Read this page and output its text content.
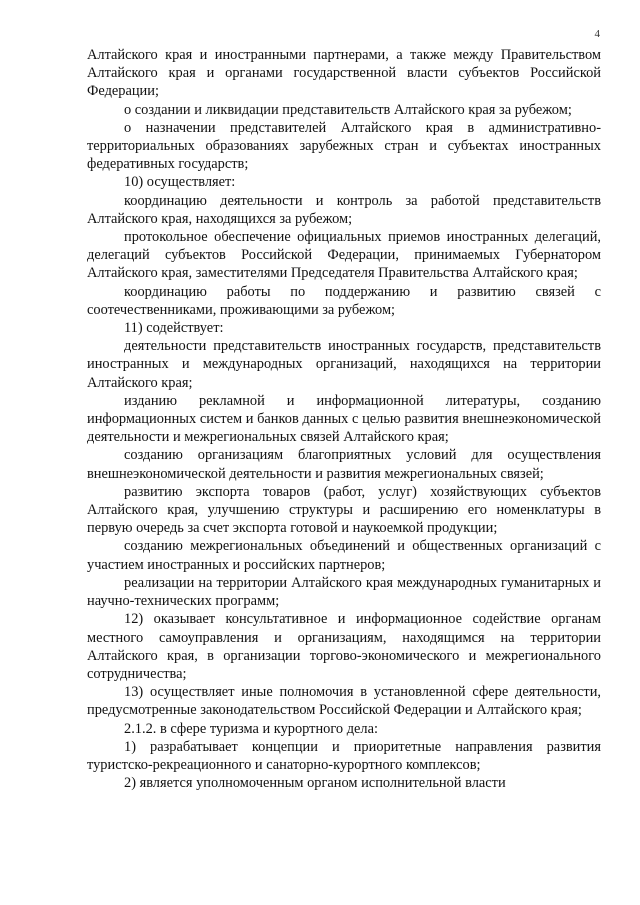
4

Алтайского края и иностранными партнерами, а также между Правительством Алтайского края и органами государственной власти субъектов Российской Федерации;

о создании и ликвидации представительств Алтайского края за рубежом;

о назначении представителей Алтайского края в административно-территориальных образованиях зарубежных стран и субъектах иностранных федеративных государств;

10) осуществляет:

координацию деятельности и контроль за работой представительств Алтайского края, находящихся за рубежом;

протокольное обеспечение официальных приемов иностранных делегаций, делегаций субъектов Российской Федерации, принимаемых Губернатором Алтайского края, заместителями Председателя Правительства Алтайского края;

координацию работы по поддержанию и развитию связей с соотечественниками, проживающими за рубежом;

11) содействует:

деятельности представительств иностранных государств, представительств иностранных и международных организаций, находящихся на территории Алтайского края;

изданию рекламной и информационной литературы, созданию информационных систем и банков данных с целью развития внешнеэкономической деятельности и межрегиональных связей Алтайского края;

созданию организациям благоприятных условий для осуществления внешнеэкономической деятельности и развития межрегиональных связей;

развитию экспорта товаров (работ, услуг) хозяйствующих субъектов Алтайского края, улучшению структуры и расширению его номенклатуры в первую очередь за счет экспорта готовой и наукоемкой продукции;

созданию межрегиональных объединений и общественных организаций с участием иностранных и российских партнеров;

реализации на территории Алтайского края международных гуманитарных и научно-технических программ;

12) оказывает консультативное и информационное содействие органам местного самоуправления и организациям, находящимся на территории Алтайского края, в организации торгово-экономического и межрегионального сотрудничества;

13) осуществляет иные полномочия в установленной сфере деятельности, предусмотренные законодательством Российской Федерации и Алтайского края;

2.1.2. в сфере туризма и курортного дела:

1) разрабатывает концепции и приоритетные направления развития туристско-рекреационного и санаторно-курортного комплексов;

2) является уполномоченным органом исполнительной власти
